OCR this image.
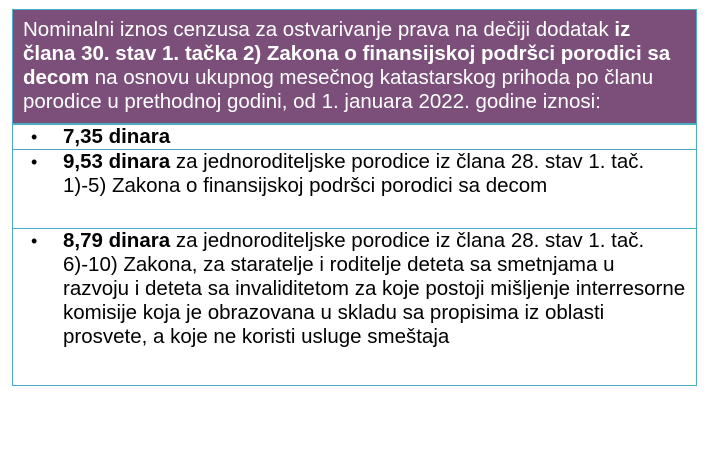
Nominalni iznos cenzusa za ostvarivanje prava na dečiji dodatak iz člana 30. stav 1. tačka 2) Zakona o finansijskoj podršci porodici sa decom na osnovu ukupnog mesečnog katastarskog prihoda po članu porodice u prethodnoj godini, od 1. januara 2022. godine iznosi:
• 7,35 dinara
• 9,53 dinara za jednoroditeljske porodice iz člana 28. stav 1. tač. 1)-5) Zakona o finansijskoj podršci porodici sa decom
• 8,79 dinara za jednoroditeljske porodice iz člana 28. stav 1. tač. 6)-10) Zakona, za staratelje i roditelje deteta sa smetnjama u razvoju i deteta sa invaliditetom za koje postoji mišljenje interresorne komisije koja je obrazovana u skladu sa propisima iz oblasti prosvete, a koje ne koristi usluge smeštaja
